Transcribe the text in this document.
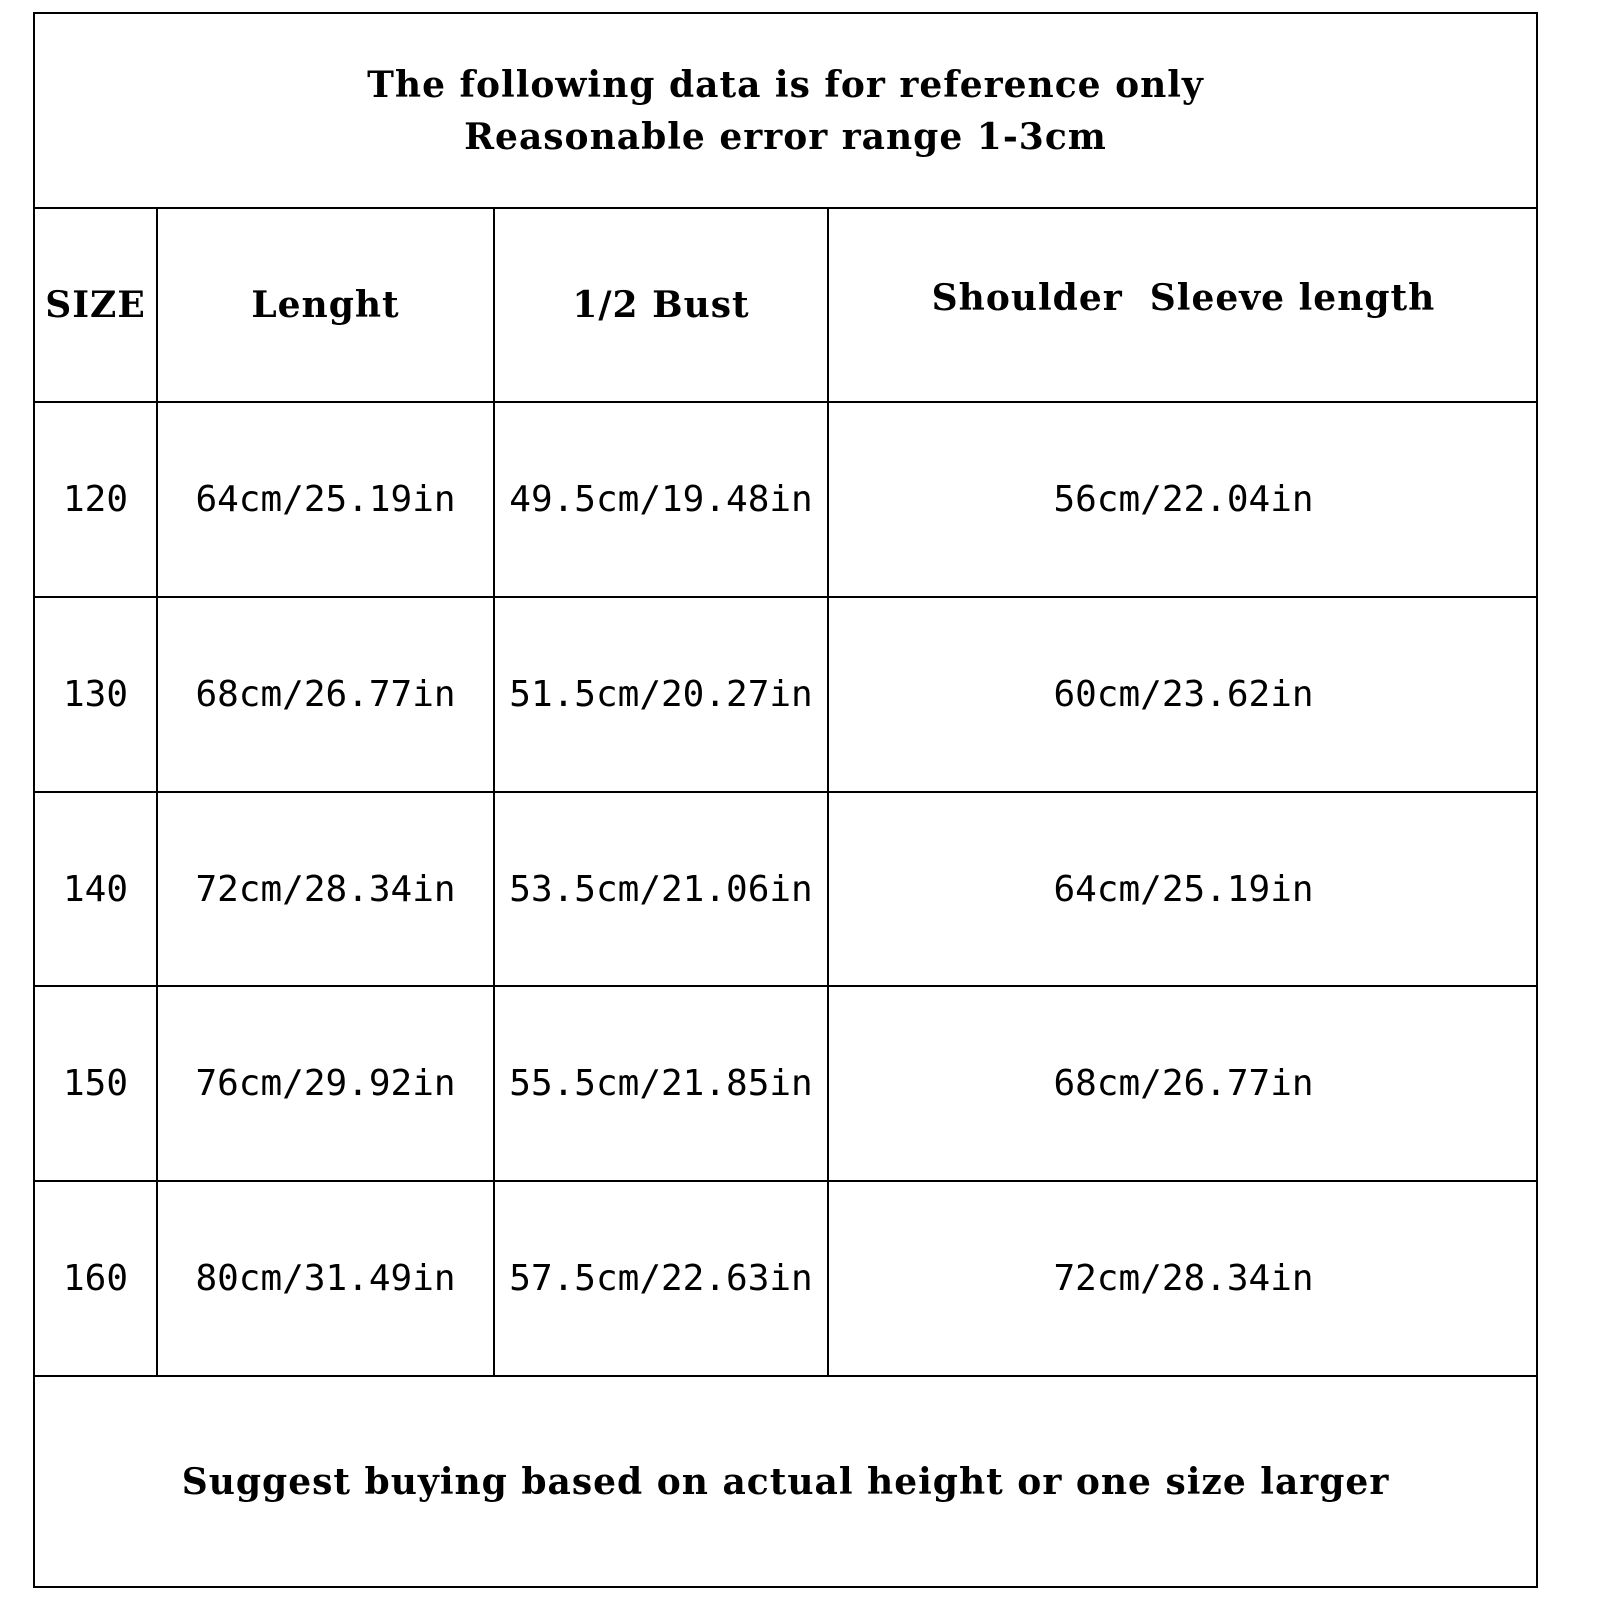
The following data is for reference only
Reasonable error range 1-3cm
SIZE	Lenght	1/2 Bust	Shoulder  Sleeve length
120	64cm/25.19in	49.5cm/19.48in	56cm/22.04in
130	68cm/26.77in	51.5cm/20.27in	60cm/23.62in
140	72cm/28.34in	53.5cm/21.06in	64cm/25.19in
150	76cm/29.92in	55.5cm/21.85in	68cm/26.77in
160	80cm/31.49in	57.5cm/22.63in	72cm/28.34in
Suggest buying based on actual height or one size larger
